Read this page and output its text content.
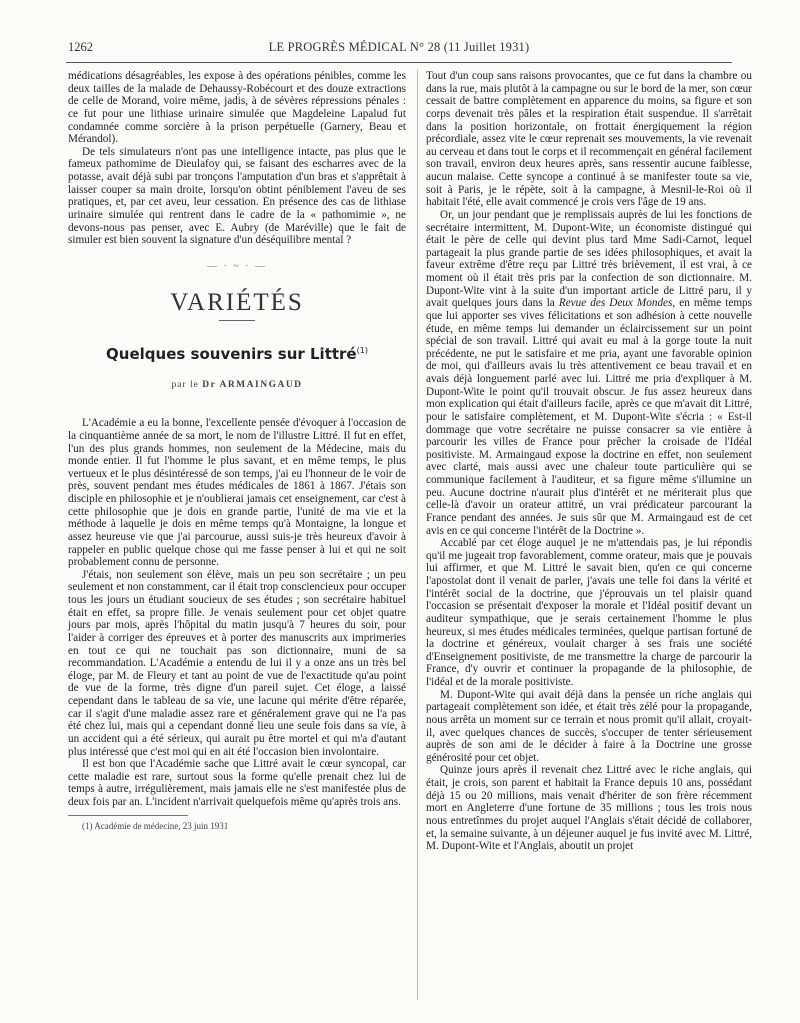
1262	LE PROGRÈS MÉDICAL N° 28 (11 Juillet 1931)

médications désagréables, les expose à des opérations pénibles, comme les deux tailles de la malade de Dehaussy-Robécourt et des douze extractions de celle de Morand, voire même, jadis, à de sévères répressions pénales : ce fut pour une lithiase urinaire simulée que Magdeleine Lapalud fut condamnée comme sorcière à la prison perpétuelle (Garnery, Beau et Mérandol).

De tels simulateurs n'ont pas une intelligence intacte, pas plus que le fameux pathomime de Dieulafoy qui, se faisant des escharres avec de la potasse, avait déjà subi par tronçons l'amputation d'un bras et s'apprêtait à laisser couper sa main droite, lorsqu'on obtint péniblement l'aveu de ses pratiques, et, par cet aveu, leur cessation. En présence des cas de lithiase urinaire simulée qui rentrent dans le cadre de la « pathomimie », ne devons-nous pas penser, avec E. Aubry (de Maréville) que le fait de simuler est bien souvent la signature d'un déséquilibre mental ?

— · ~ · —
VARIÉTÉS
Quelques souvenirs sur Littré$^{(1)}$
par le Dr ARMAINGAUD

L'Académie a eu la bonne, l'excellente pensée d'évoquer à l'occasion de la cinquantième année de sa mort, le nom de l'illustre Littré. Il fut en effet, l'un des plus grands hommes, non seulement de la Médecine, mais du monde entier. Il fut l'homme le plus savant, et en même temps, le plus vertueux et le plus désintéressé de son temps, j'ai eu l'honneur de le voir de près, souvent pendant mes études médicales de 1861 à 1867. J'étais son disciple en philosophie et je n'oublierai jamais cet enseignement, car c'est à cette philosophie que je dois en grande partie, l'unité de ma vie et la méthode à laquelle je dois en même temps qu'à Montaigne, la longue et assez heureuse vie que j'ai parcourue, aussi suis-je très heureux d'avoir à rappeler en public quelque chose qui me fasse penser à lui et qui ne soit probablement connu de personne.

J'étais, non seulement son élève, mais un peu son secrétaire ; un peu seulement et non constamment, car il était trop consciencieux pour occuper tous les jours un étudiant soucieux de ses études ; son secrétaire habituel était en effet, sa propre fille. Je venais seulement pour cet objet quatre jours par mois, après l'hôpital du matin jusqu'à 7 heures du soir, pour l'aider à corriger des épreuves et à porter des manuscrits aux imprimeries en tout ce qui ne touchait pas son dictionnaire, muni de sa recommandation. L'Académie a entendu de lui il y a onze ans un très bel éloge, par M. de Fleury et tant au point de vue de l'exactitude qu'au point de vue de la forme, très digne d'un pareil sujet. Cet éloge, a laissé cependant dans le tableau de sa vie, une lacune qui mérite d'être réparée, car il s'agit d'une maladie assez rare et généralement grave qui ne l'a pas été chez lui, mais qui a cependant donné lieu une seule fois dans sa vie, à un accident qui a été sérieux, qui aurait pu être mortel et qui m'a d'autant plus intéressé que c'est moi qui en ait été l'occasion bien involontaire.

Il est bon que l'Académie sache que Littré avait le cœur syncopal, car cette maladie est rare, surtout sous la forme qu'elle prenait chez lui de temps à autre, irrégulièrement, mais jamais elle ne s'est manifestée plus de deux fois par an. L'incident n'arrivait quelquefois même qu'après trois ans.

(1) Académie de médecine, 23 juin 1931

Tout d'un coup sans raisons provocantes, que ce fut dans la chambre ou dans la rue, mais plutôt à la campagne ou sur le bord de la mer, son cœur cessait de battre complètement en apparence du moins, sa figure et son corps devenait très pâles et la respiration était suspendue. Il s'arrêtait dans la position horizontale, on frottait énergiquement la région précordiale, assez vite le cœur reprenait ses mouvements, la vie revenait au cerveau et dans tout le corps et il recommençait en général facilement son travail, environ deux heures après, sans ressentir aucune faiblesse, aucun malaise. Cette syncope a continué à se manifester toute sa vie, soit à Paris, je le répète, soit à la campagne, à Mesnil-le-Roi où il habitait l'été, elle avait commencé je crois vers l'âge de 19 ans.

Or, un jour pendant que je remplissais auprès de lui les fonctions de secrétaire intermittent, M. Dupont-Wite, un économiste distingué qui était le père de celle qui devint plus tard Mme Sadi-Carnot, lequel partageait la plus grande partie de ses idées philosophiques, et avait la faveur extrême d'être reçu par Littré très brièvement, il est vrai, à ce moment où il était très pris par la confection de son dictionnaire. M. Dupont-Wite vint à la suite d'un important article de Littré paru, il y avait quelques jours dans la Revue des Deux Mondes, en même temps que lui apporter ses vives félicitations et son adhésion à cette nouvelle étude, en même temps lui demander un éclaircissement sur un point spécial de son travail. Littré qui avait eu mal à la gorge toute la nuit précédente, ne put le satisfaire et me pria, ayant une favorable opinion de moi, qui d'ailleurs avais lu très attentivement ce beau travail et en avais déjà longuement parlé avec lui. Littré me pria d'expliquer à M. Dupont-Wite le point qu'il trouvait obscur. Je fus assez heureux dans mon explication qui était d'ailleurs facile, après ce que m'avait dit Littré, pour le satisfaire complètement, et M. Dupont-Wite s'écria : « Est-il dommage que votre secrétaire ne puisse consacrer sa vie entière à parcourir les villes de France pour prêcher la croisade de l'Idéal positiviste. M. Armaingaud expose la doctrine en effet, non seulement avec clarté, mais aussi avec une chaleur toute particulière qui se communique facilement à l'auditeur, et sa figure même s'illumine un peu. Aucune doctrine n'aurait plus d'intérêt et ne mériterait plus que celle-là d'avoir un orateur attitré, un vrai prédicateur parcourant la France pendant des années. Je suis sûr que M. Armaingaud est de cet avis en ce qui concerne l'intérêt de la Doctrine ».

Accablé par cet éloge auquel je ne m'attendais pas, je lui répondis qu'il me jugeait trop favorablement, comme orateur, mais que je pouvais lui affirmer, et que M. Littré le savait bien, qu'en ce qui concerne l'apostolat dont il venait de parler, j'avais une telle foi dans la vérité et l'intérêt social de la doctrine, que j'éprouvais un tel plaisir quand l'occasion se présentait d'exposer la morale et l'Idéal positif devant un auditeur sympathique, que je serais certainement l'homme le plus heureux, si mes études médicales terminées, quelque partisan fortuné de la doctrine et généreux, voulait charger à ses frais une société d'Enseignement positiviste, de me transmettre la charge de parcourir la France, d'y ouvrir et continuer la propagande de la philosophie, de l'idéal et de la morale positiviste.

M. Dupont-Wite qui avait déjà dans la pensée un riche anglais qui partageait complètement son idée, et était très zélé pour la propagande, nous arrêta un moment sur ce terrain et nous promit qu'il allait, croyait-il, avec quelques chances de succès, s'occuper de tenter sérieusement auprès de son ami de le décider à faire à la Doctrine une grosse générosité pour cet objet.

Quinze jours après il revenait chez Littré avec le riche anglais, qui était, je crois, son parent et habitait la France depuis 10 ans, possédant déjà 15 ou 20 millions, mais venait d'hériter de son frère récemment mort en Angleterre d'une fortune de 35 millions ; tous les trois nous nous entretînmes du projet auquel l'Anglais s'était décidé de collaborer, et, la semaine suivante, à un déjeuner auquel je fus invité avec M. Littré, M. Dupont-Wite et l'Anglais, aboutit un projet
